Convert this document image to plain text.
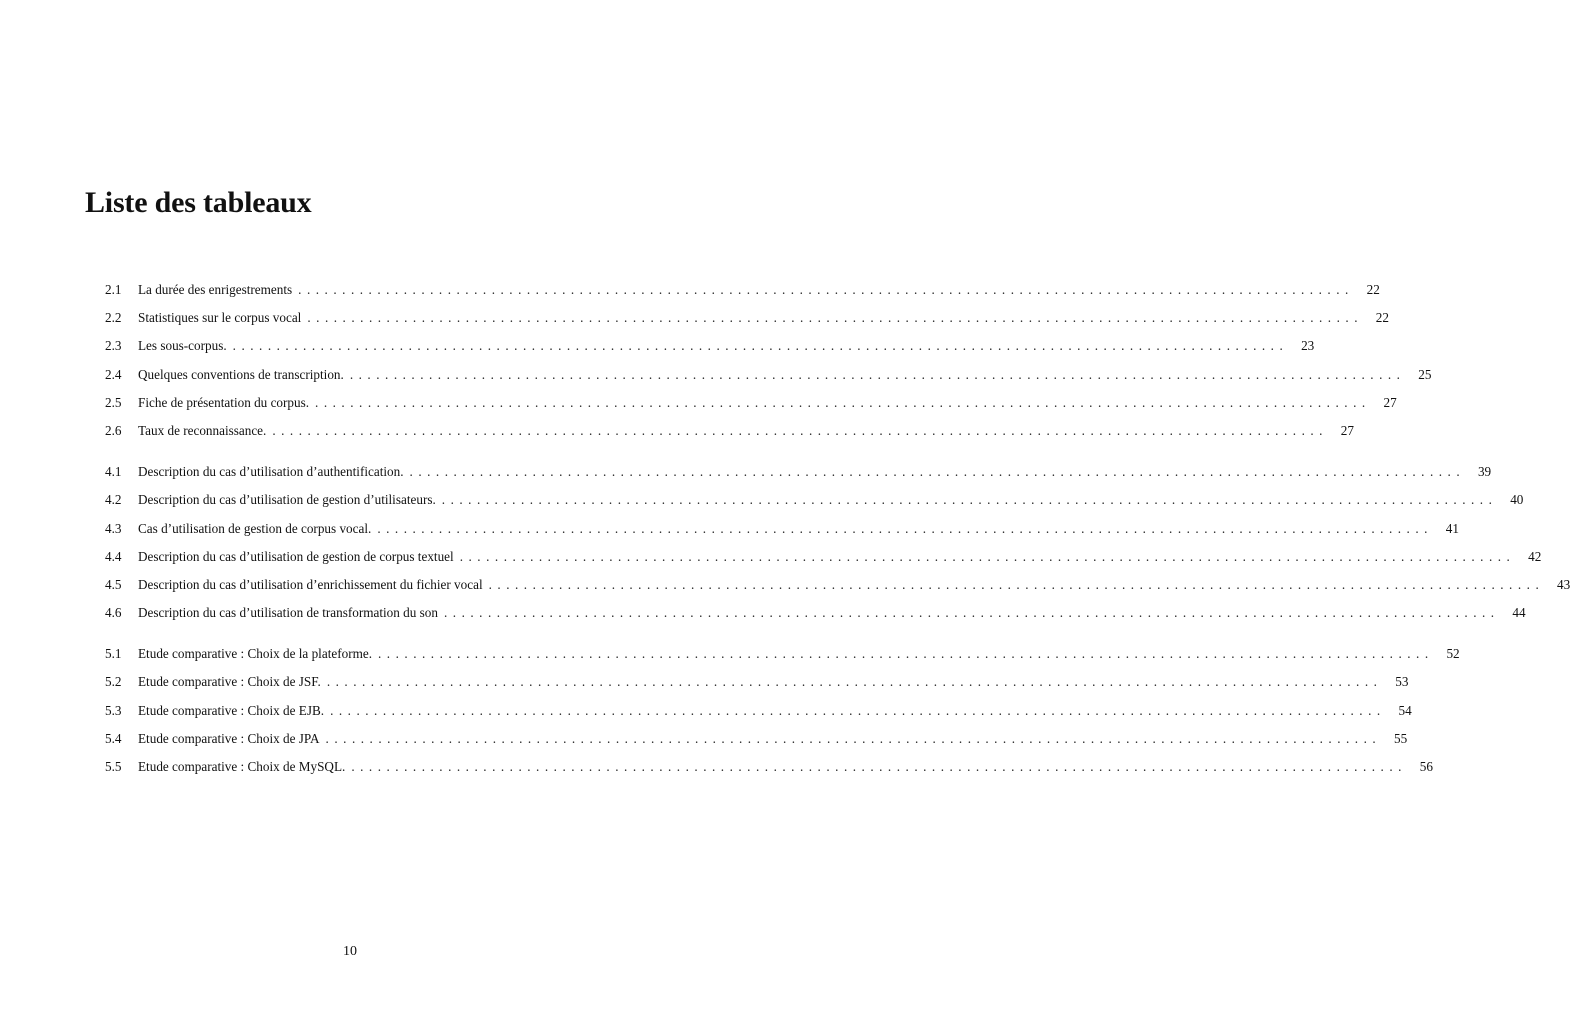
Liste des tableaux
2.1	La durée des enrigestrements ........................................................................................................................ 22
2.2	Statistiques sur le corpus vocal ........................................................................................................................ 22
2.3	Les sous-corpus. ........................................................................................................................ 23
2.4	Quelques conventions de transcription. ........................................................................................................................ 25
2.5	Fiche de présentation du corpus. ........................................................................................................................ 27
2.6	Taux de reconnaissance. ........................................................................................................................ 27
4.1	Description du cas d’utilisation d’authentification. ........................................................................................................................ 39
4.2	Description du cas d’utilisation de gestion d’utilisateurs. ........................................................................................................................ 40
4.3	Cas d’utilisation de gestion de corpus vocal. ........................................................................................................................ 41
4.4	Description du cas d’utilisation de gestion de corpus textuel ........................................................................................................................ 42
4.5	Description du cas d’utilisation d’enrichissement du fichier vocal ........................................................................................................................ 43
4.6	Description du cas d’utilisation de transformation du son ........................................................................................................................ 44
5.1	Etude comparative : Choix de la plateforme. ........................................................................................................................ 52
5.2	Etude comparative : Choix de JSF. ........................................................................................................................ 53
5.3	Etude comparative : Choix de EJB. ........................................................................................................................ 54
5.4	Etude comparative : Choix de JPA ........................................................................................................................ 55
5.5	Etude comparative : Choix de MySQL. ........................................................................................................................ 56
10
